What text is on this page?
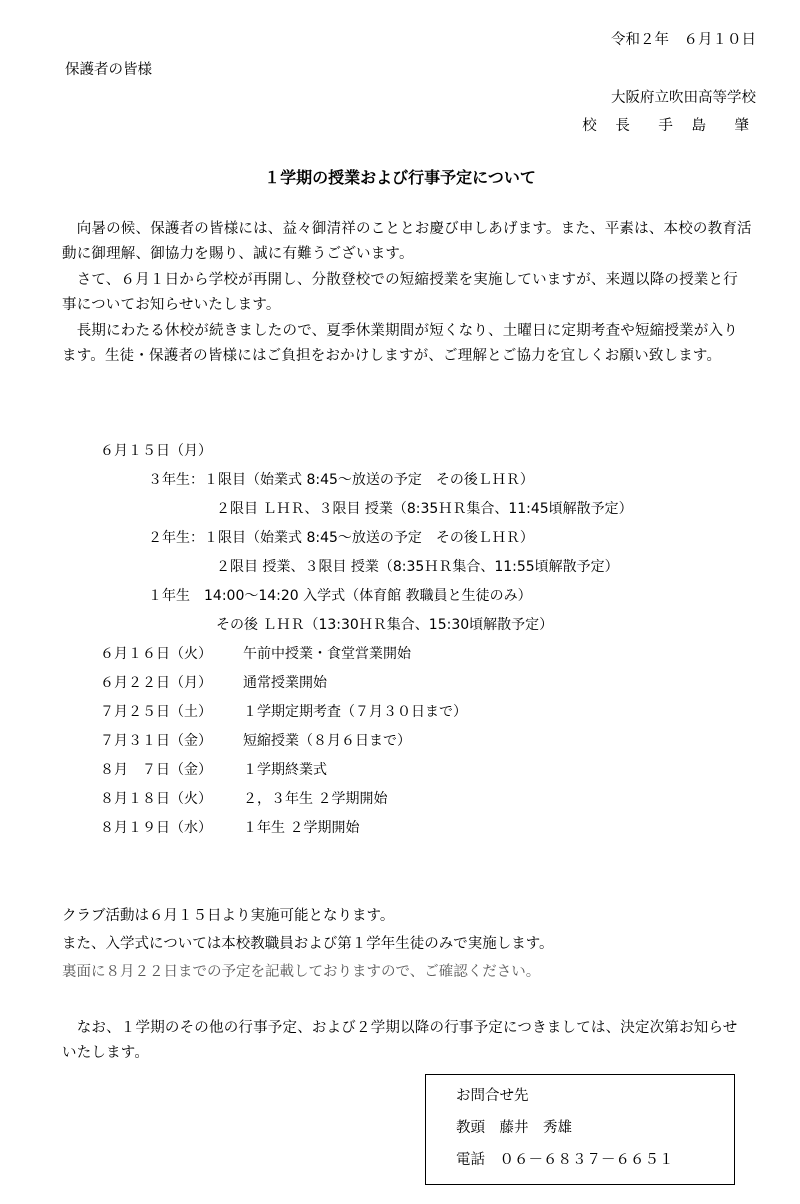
令和２年　６月１０日
保護者の皆様
大阪府立吹田高等学校
校 長　手 島　肇
１学期の授業および行事予定について
　向暑の候、保護者の皆様には、益々御清祥のこととお慶び申しあげます。また、平素は、本校の教育活動に御理解、御協力を賜り、誠に有難うございます。
　さて、６月１日から学校が再開し、分散登校での短縮授業を実施していますが、来週以降の授業と行事についてお知らせいたします。
　長期にわたる休校が続きましたので、夏季休業期間が短くなり、土曜日に定期考査や短縮授業が入ります。生徒・保護者の皆様にはご負担をおかけしますが、ご理解とご協力を宜しくお願い致します。
６月１５日（月）
３年生：１限目（始業式 8:45～放送の予定　その後ＬＨＲ）
２限目 ＬＨＲ、３限目 授業（8:35ＨＲ集合、11:45頃解散予定）
２年生：１限目（始業式 8:45～放送の予定　その後ＬＨＲ）
２限目 授業、３限目 授業（8:35ＨＲ集合、11:55頃解散予定）
１年生　14:00～14:20 入学式（体育館 教職員と生徒のみ）
その後 ＬＨＲ（13:30ＨＲ集合、15:30頃解散予定）
６月１６日（火） 午前中授業・食堂営業開始
６月２２日（月） 通常授業開始
７月２５日（土） １学期定期考査（７月３０日まで）
７月３１日（金） 短縮授業（８月６日まで）
８月　７日（金） １学期終業式
８月１８日（火） ２，３年生 ２学期開始
８月１９日（水） １年生 ２学期開始
クラブ活動は６月１５日より実施可能となります。
また、入学式については本校教職員および第１学年生徒のみで実施します。
裏面に８月２２日までの予定を記載しておりますので、ご確認ください。
　なお、１学期のその他の行事予定、および２学期以降の行事予定につきましては、決定次第お知らせいたします。
お問合せ先
教頭　藤井　秀雄
電話　０６－６８３７－６６５１
